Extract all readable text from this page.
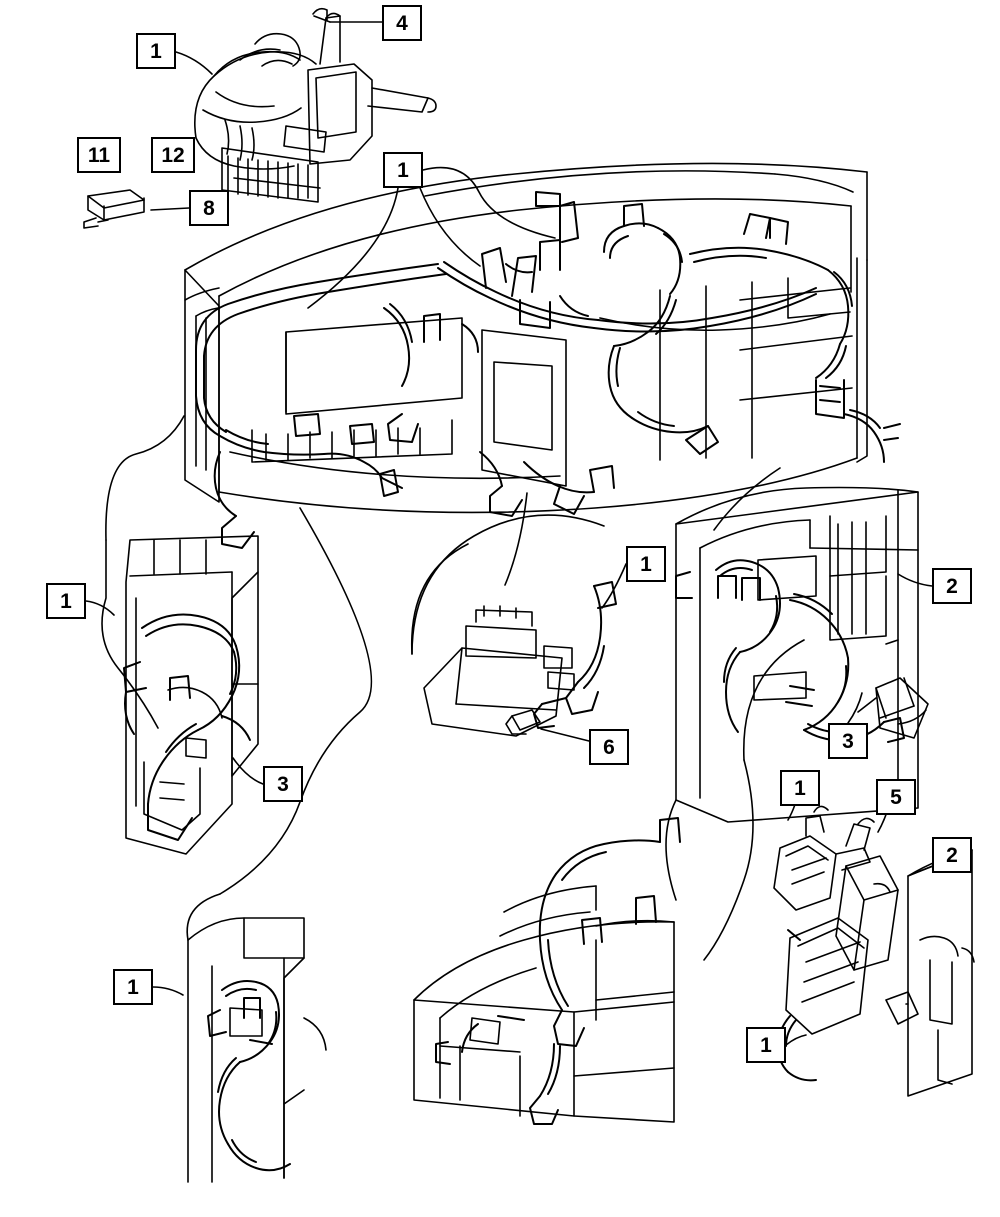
1
4
11	12
1
8
1
2
1
3
6
3	1	5
2
1
1
